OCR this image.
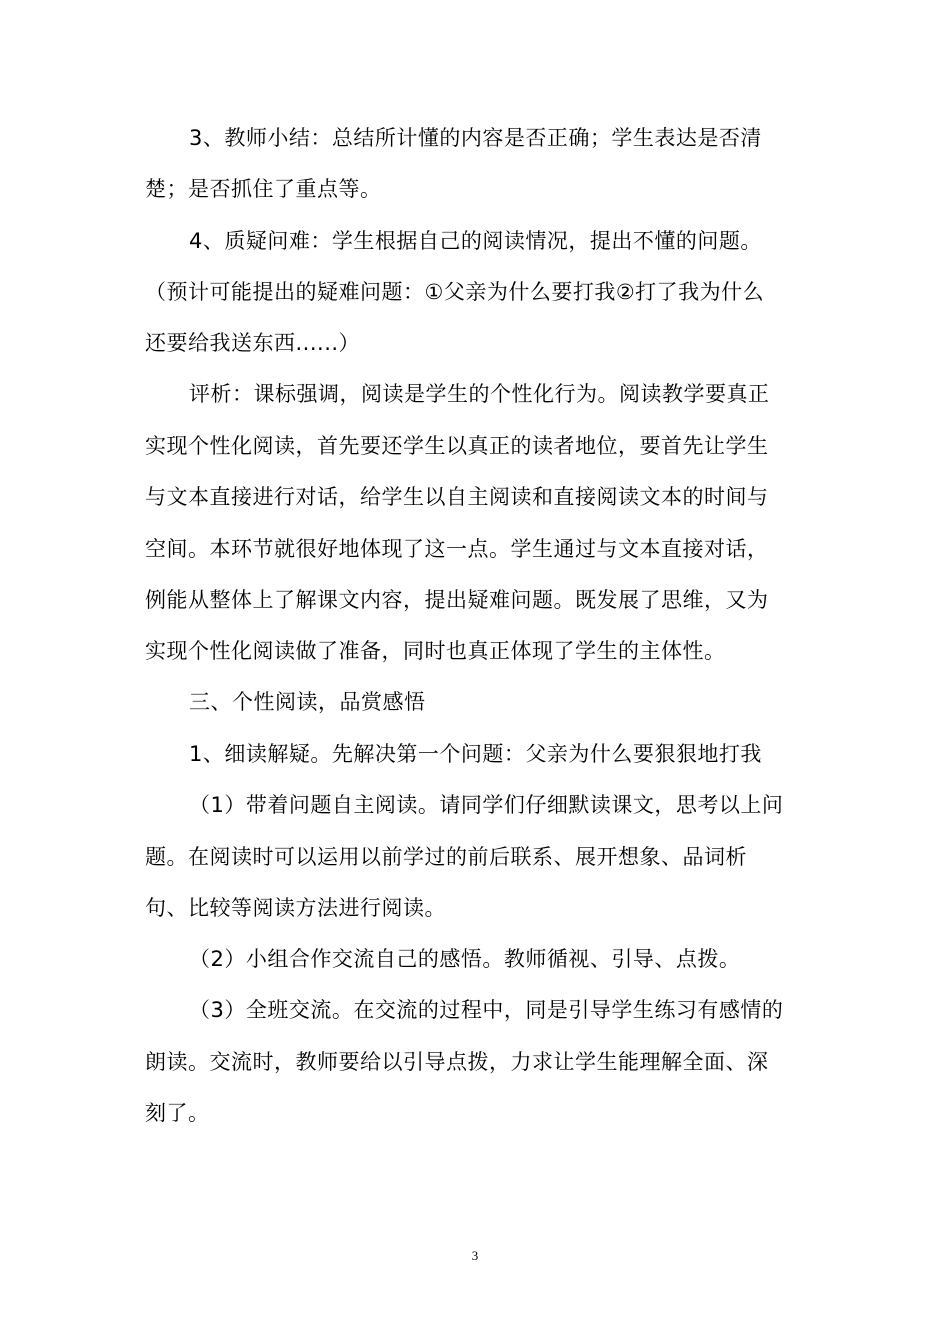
3、教师小结：总结所计懂的内容是否正确；学生表达是否清
楚；是否抓住了重点等。
4、质疑问难：学生根据自己的阅读情况，提出不懂的问题。
（预计可能提出的疑难问题：①父亲为什么要打我②打了我为什么
还要给我送东西......）
评析：课标强调，阅读是学生的个性化行为。阅读教学要真正
实现个性化阅读，首先要还学生以真正的读者地位，要首先让学生
与文本直接进行对话，给学生以自主阅读和直接阅读文本的时间与
空间。本环节就很好地体现了这一点。学生通过与文本直接对话，
例能从整体上了解课文内容，提出疑难问题。既发展了思维，又为
实现个性化阅读做了准备，同时也真正体现了学生的主体性。
三、个性阅读，品赏感悟
1、细读解疑。先解决第一个问题：父亲为什么要狠狠地打我
（1）带着问题自主阅读。请同学们仔细默读课文，思考以上问
题。在阅读时可以运用以前学过的前后联系、展开想象、品词析
句、比较等阅读方法进行阅读。
（2）小组合作交流自己的感悟。教师循视、引导、点拨。
（3）全班交流。在交流的过程中，同是引导学生练习有感情的
朗读。交流时，教师要给以引导点拨，力求让学生能理解全面、深
刻了。
3
